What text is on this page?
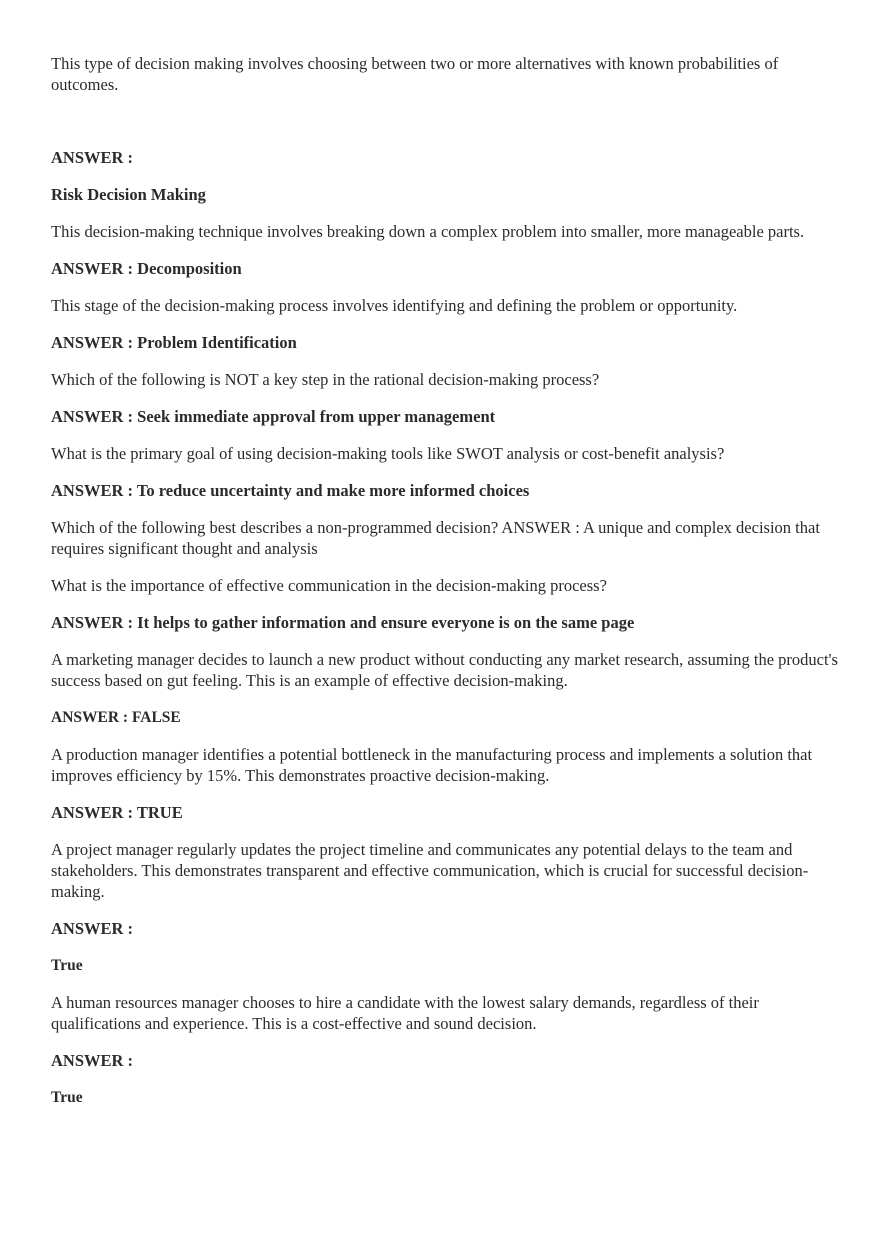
This type of decision making involves choosing between two or more alternatives with known probabilities of outcomes.

ANSWER :

Risk Decision Making

This decision-making technique involves breaking down a complex problem into smaller, more manageable parts.

ANSWER : Decomposition

This stage of the decision-making process involves identifying and defining the problem or opportunity.

ANSWER : Problem Identification

Which of the following is NOT a key step in the rational decision-making process?

ANSWER : Seek immediate approval from upper management

What is the primary goal of using decision-making tools like SWOT analysis or cost-benefit analysis?

ANSWER : To reduce uncertainty and make more informed choices

Which of the following best describes a non-programmed decision? ANSWER : A unique and complex decision that requires significant thought and analysis

What is the importance of effective communication in the decision-making process?

ANSWER : It helps to gather information and ensure everyone is on the same page

A marketing manager decides to launch a new product without conducting any market research, assuming the product's success based on gut feeling. This is an example of effective decision-making.

ANSWER : FALSE

A production manager identifies a potential bottleneck in the manufacturing process and implements a solution that improves efficiency by 15%. This demonstrates proactive decision-making.

ANSWER : TRUE

A project manager regularly updates the project timeline and communicates any potential delays to the team and stakeholders. This demonstrates transparent and effective communication, which is crucial for successful decision-making.

ANSWER :

True

A human resources manager chooses to hire a candidate with the lowest salary demands, regardless of their qualifications and experience. This is a cost-effective and sound decision.

ANSWER :

True
